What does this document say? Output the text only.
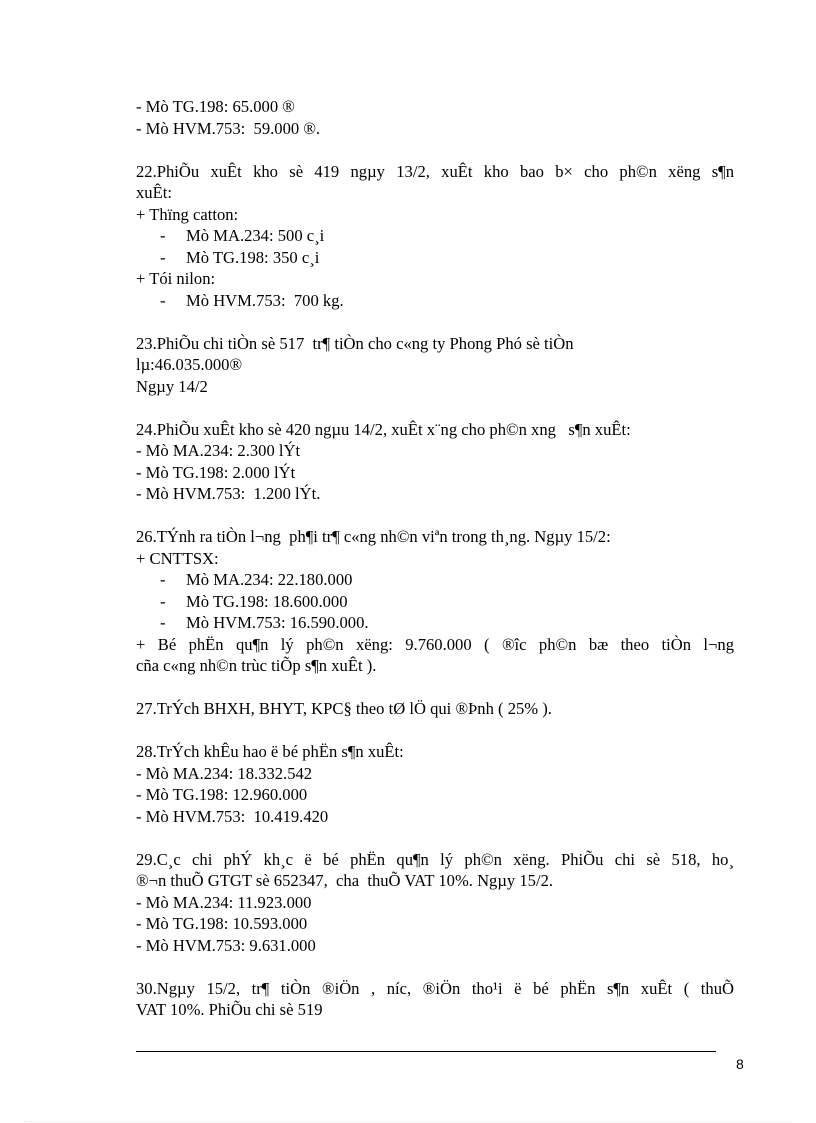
- Mò TG.198: 65.000 ®
- Mò HVM.753:  59.000 ®.
22.PhiÕu xuÊt kho sè 419 ngµy 13/2, xuÊt kho bao b× cho ph©n xëng s¶n
xuÊt:
+ Thïng catton:
-	Mò MA.234: 500 c¸i
-	Mò TG.198: 350 c¸i
+ Tói nilon:
-	Mò HVM.753:  700 kg.
23.PhiÕu chi tiÒn sè 517  tr¶ tiÒn cho c«ng ty Phong Phó sè tiÒn
lµ:46.035.000®
Ngµy 14/2
24.PhiÕu xuÊt kho sè 420 ngµu 14/2, xuÊt x¨ng cho ph©n xng   s¶n xuÊt:
- Mò MA.234: 2.300 lÝt
- Mò TG.198: 2.000 lÝt
- Mò HVM.753:  1.200 lÝt.
26.TÝnh ra tiÒn l¬ng  ph¶i tr¶ c«ng nh©n viªn trong th¸ng. Ngµy 15/2:
+ CNTTSX:
-	Mò MA.234: 22.180.000
-	Mò TG.198: 18.600.000
-	Mò HVM.753: 16.590.000.
+ Bé phËn qu¶n lý ph©n xëng: 9.760.000 ( ®îc ph©n bæ theo tiÒn l¬ng
cña c«ng nh©n trùc tiÕp s¶n xuÊt ).
27.TrÝch BHXH, BHYT, KPC§ theo tØ lÖ qui ®Þnh ( 25% ).
28.TrÝch khÊu hao ë bé phËn s¶n xuÊt:
- Mò MA.234: 18.332.542
- Mò TG.198: 12.960.000
- Mò HVM.753:  10.419.420
29.C¸c chi phÝ kh¸c ë bé phËn qu¶n lý ph©n xëng. PhiÕu chi sè 518, ho¸
®¬n thuÕ GTGT sè 652347,  cha  thuÕ VAT 10%. Ngµy 15/2.
- Mò MA.234: 11.923.000
- Mò TG.198: 10.593.000
- Mò HVM.753: 9.631.000
30.Ngµy 15/2, tr¶ tiÒn ®iÖn , níc, ®iÖn tho¹i ë bé phËn s¶n xuÊt ( thuÕ
VAT 10%. PhiÕu chi sè 519
8
